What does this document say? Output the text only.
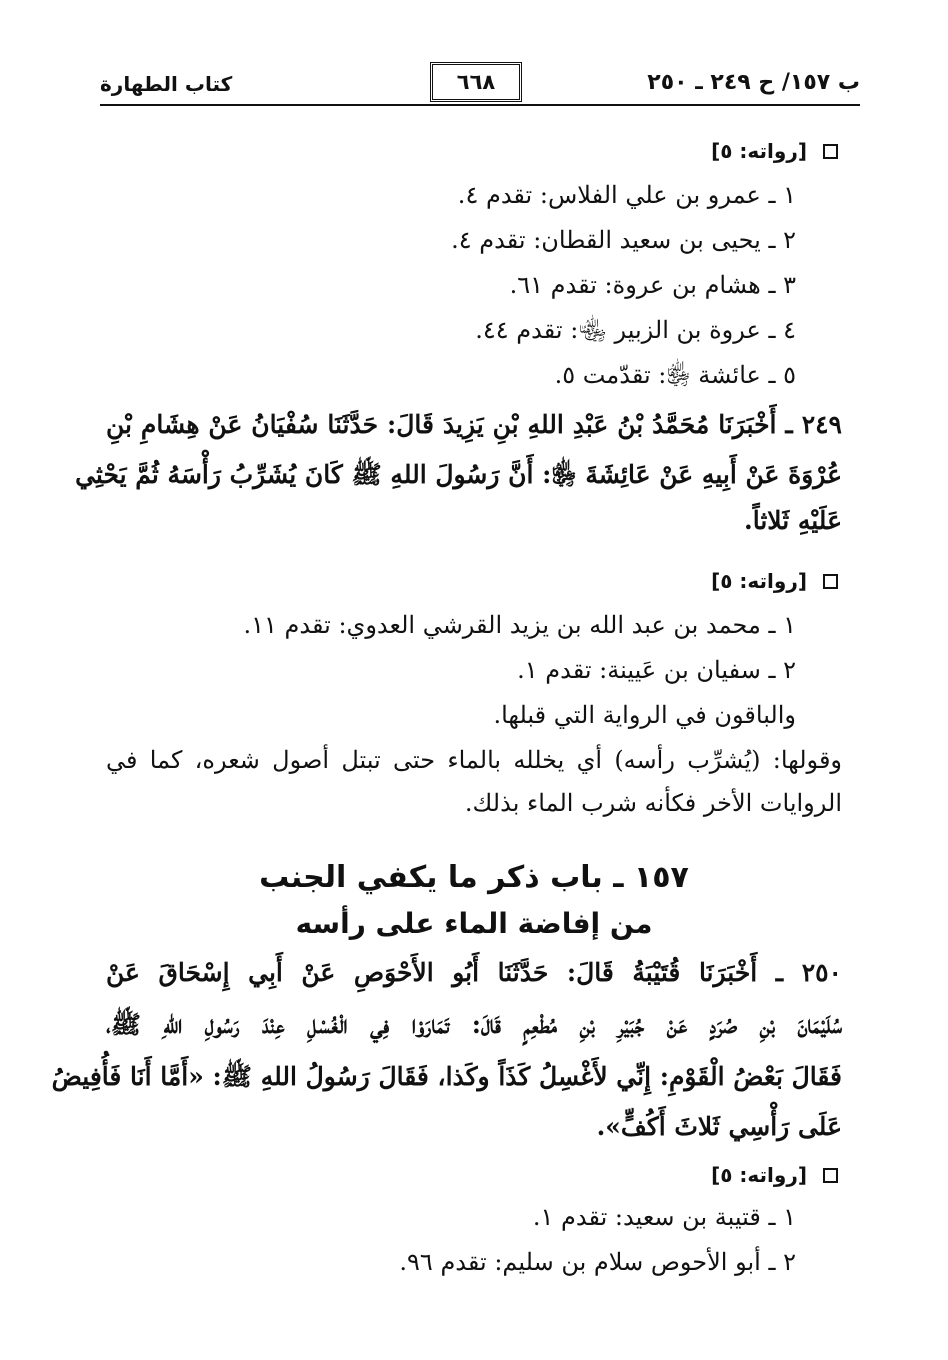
ب ١٥٧/ ح ٢٤٩ ـ ٢٥٠
٦٦٨
كتاب الطهارة
[رواته: ٥]
١ ـ عمرو بن علي الفلاس: تقدم ٤.
٢ ـ يحيى بن سعيد القطان: تقدم ٤.
٣ ـ هشام بن عروة: تقدم ٦١.
٤ ـ عروة بن الزبير ﵄: تقدم ٤٤.
٥ ـ عائشة ﵂: تقدّمت ٥.
٢٤٩ ـ أَخْبَرَنَا مُحَمَّدُ بْنُ عَبْدِ اللهِ بْنِ يَزِيدَ قَالَ: حَدَّثَنَا سُفْيَانُ عَنْ هِشَامِ بْنِ
عُرْوَةَ عَنْ أَبِيهِ عَنْ عَائِشَةَ ﵂: أَنَّ رَسُولَ اللهِ ﷺ كَانَ يُشَرِّبُ رَأْسَهُ ثُمَّ يَحْثِي
عَلَيْهِ ثَلاثاً.
[رواته: ٥]
١ ـ محمد بن عبد الله بن يزيد القرشي العدوي: تقدم ١١.
٢ ـ سفيان بن عَيينة: تقدم ١.
والباقون في الرواية التي قبلها.
وقولها: (يُشرِّب رأسه) أي يخلله بالماء حتى تبتل أصول شعره، كما في
الروايات الأخر فكأنه شرب الماء بذلك.
١٥٧ ـ باب ذكر ما يكفي الجنب
من إفاضة الماء على رأسه
٢٥٠ ـ أَخْبَرَنَا قُتَيْبَةُ قَالَ: حَدَّثَنَا أَبُو الأَحْوَصِ عَنْ أَبِي إِسْحَاقَ عَنْ
سُلَيْمَانَ بْنِ صُرَدٍ عَنْ جُبَيْرِ بْنِ مُطْعِمٍ قَالَ: تَمَارَوْا فِي الْغُسْلِ عِنْدَ رَسُولِ اللهِ ﷺ،
فَقَالَ بَعْضُ الْقَوْمِ: إِنِّي لأَغْسِلُ كَذَاً وكَذا، فَقَالَ رَسُولُ اللهِ ﷺ: «أَمَّا أَنَا فَأُفِيضُ
عَلَى رَأْسِي ثَلاثَ أَكُفٍّ».
[رواته: ٥]
١ ـ قتيبة بن سعيد: تقدم ١.
٢ ـ أبو الأحوص سلام بن سليم: تقدم ٩٦.
